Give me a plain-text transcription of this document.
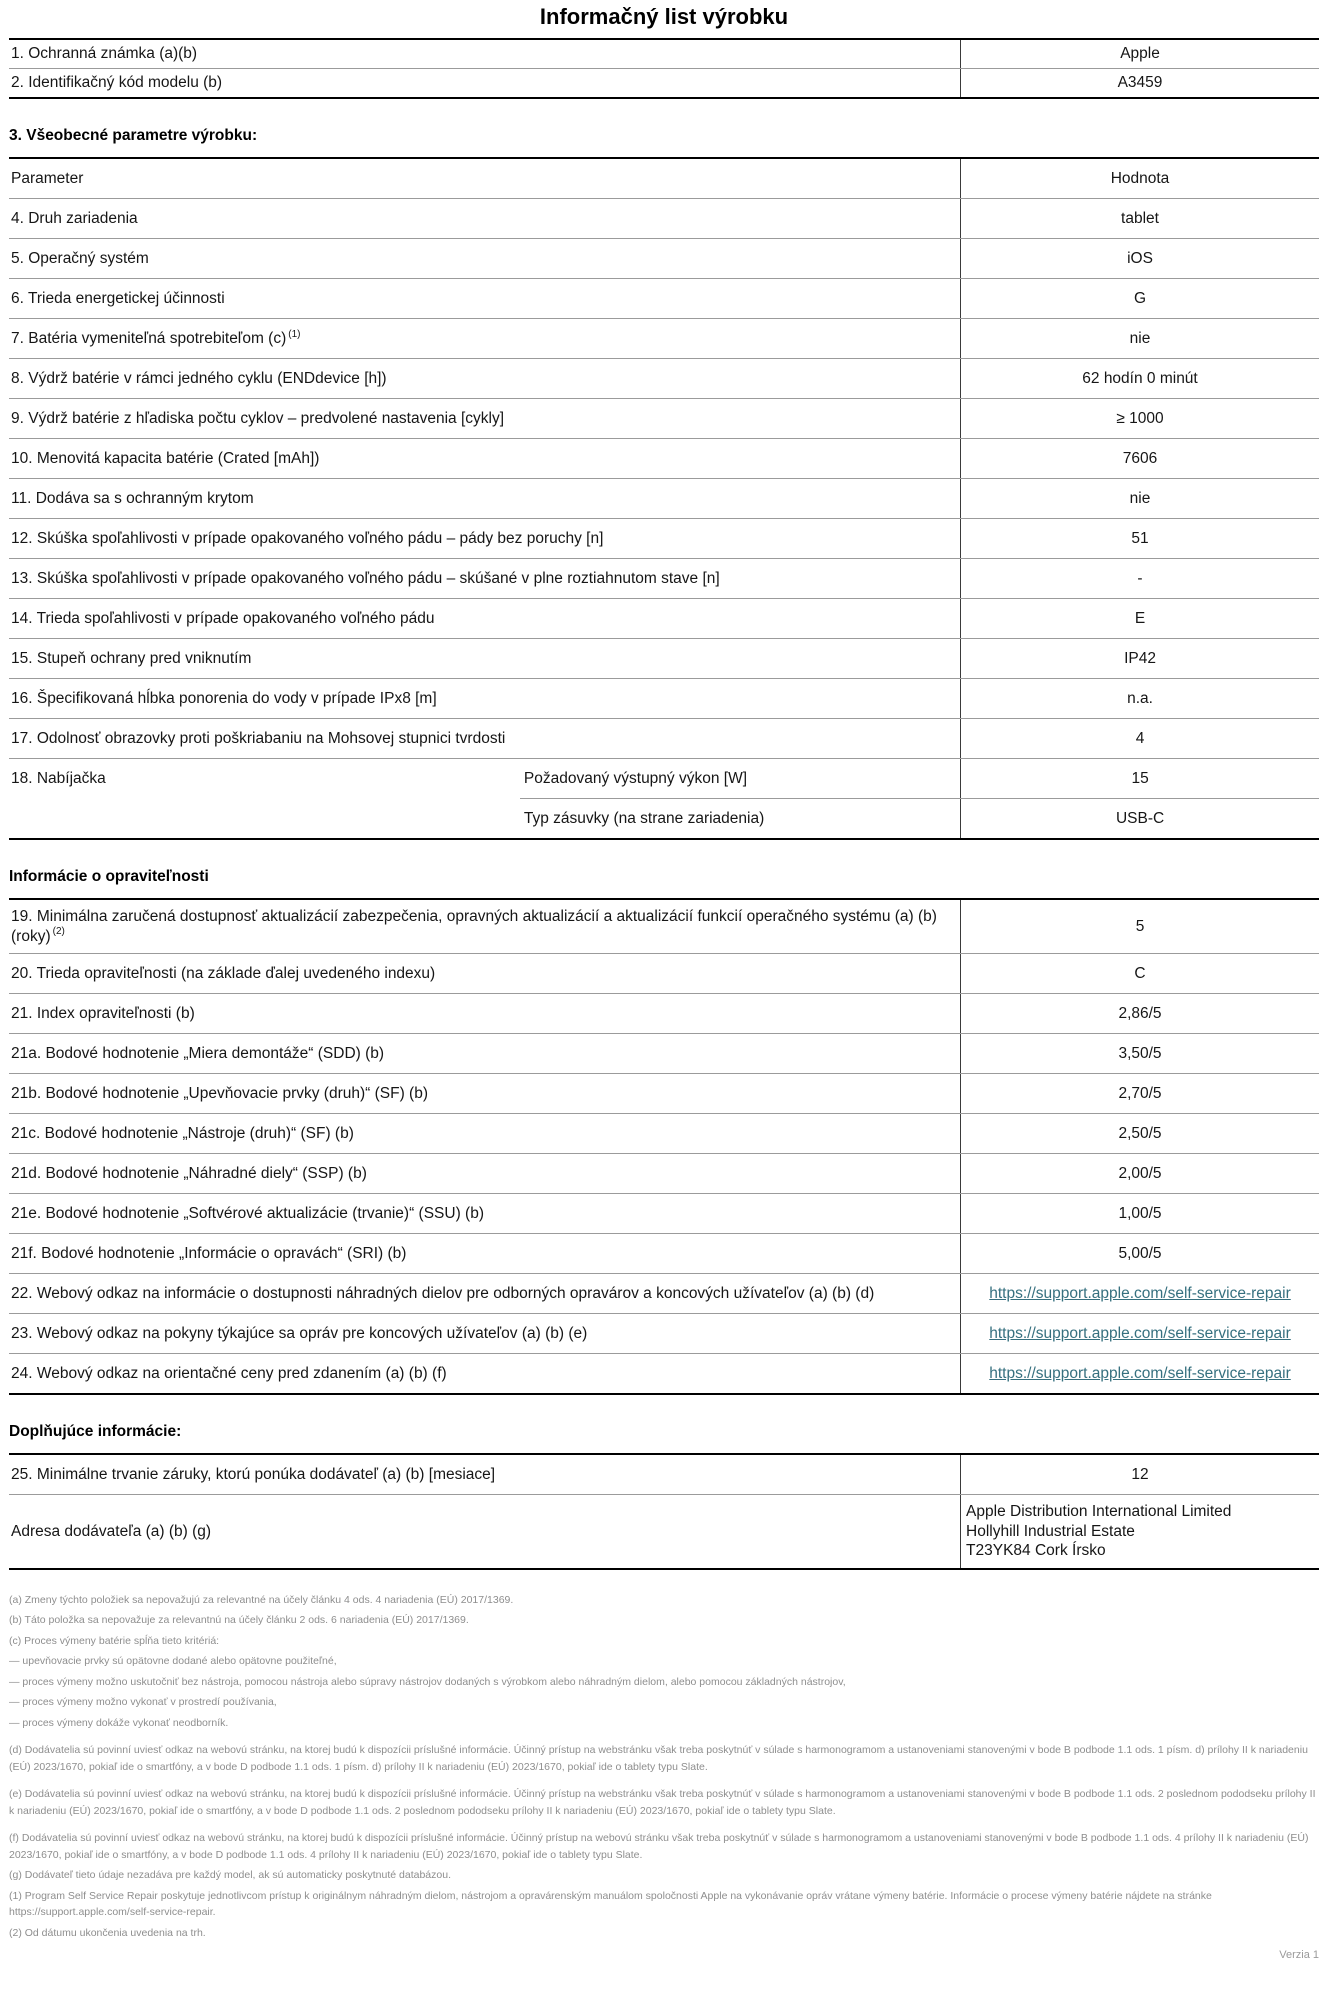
Informačný list výrobku
1. Ochranná známka (a)(b)	Apple
2. Identifikačný kód modelu (b)	A3459
3. Všeobecné parametre výrobku:
Parameter	Hodnota
4. Druh zariadenia	tablet
5. Operačný systém	iOS
6. Trieda energetickej účinnosti	G
7. Batéria vymeniteľná spotrebiteľom (c) $^{(1)}$	nie
8. Výdrž batérie v rámci jedného cyklu (ENDdevice [h])	62 hodín 0 minút
9. Výdrž batérie z hľadiska počtu cyklov – predvolené nastavenia [cykly]	≥ 1000
10. Menovitá kapacita batérie (Crated [mAh])	7606
11. Dodáva sa s ochranným krytom	nie
12. Skúška spoľahlivosti v prípade opakovaného voľného pádu – pády bez poruchy [n]	51
13. Skúška spoľahlivosti v prípade opakovaného voľného pádu – skúšané v plne roztiahnutom stave [n]	-
14. Trieda spoľahlivosti v prípade opakovaného voľného pádu	E
15. Stupeň ochrany pred vniknutím	IP42
16. Špecifikovaná hĺbka ponorenia do vody v prípade IPx8 [m]	n.a.
17. Odolnosť obrazovky proti poškriabaniu na Mohsovej stupnici tvrdosti	4
18. Nabíjačka	Požadovaný výstupný výkon [W]	15
Typ zásuvky (na strane zariadenia)	USB-C
Informácie o opraviteľnosti
19. Minimálna zaručená dostupnosť aktualizácií zabezpečenia, opravných aktualizácií a aktualizácií funkcií operačného systému (a) (b) (roky) $^{(2)}$	5
20. Trieda opraviteľnosti (na základe ďalej uvedeného indexu)	C
21. Index opraviteľnosti (b)	2,86/5
21a. Bodové hodnotenie „Miera demontáže“ (SDD) (b)	3,50/5
21b. Bodové hodnotenie „Upevňovacie prvky (druh)“ (SF) (b)	2,70/5
21c. Bodové hodnotenie „Nástroje (druh)“ (SF) (b)	2,50/5
21d. Bodové hodnotenie „Náhradné diely“ (SSP) (b)	2,00/5
21e. Bodové hodnotenie „Softvérové aktualizácie (trvanie)“ (SSU) (b)	1,00/5
21f. Bodové hodnotenie „Informácie o opravách“ (SRI) (b)	5,00/5
22. Webový odkaz na informácie o dostupnosti náhradných dielov pre odborných opravárov a koncových užívateľov (a) (b) (d)	https://support.apple.com/self-service-repair
23. Webový odkaz na pokyny týkajúce sa opráv pre koncových užívateľov (a) (b) (e)	https://support.apple.com/self-service-repair
24. Webový odkaz na orientačné ceny pred zdanením (a) (b) (f)	https://support.apple.com/self-service-repair
Doplňujúce informácie:
25. Minimálne trvanie záruky, ktorú ponúka dodávateľ (a) (b) [mesiace]	12
Adresa dodávateľa (a) (b) (g)
Apple Distribution International Limited
Hollyhill Industrial Estate
T23YK84 Cork Írsko

(a) Zmeny týchto položiek sa nepovažujú za relevantné na účely článku 4 ods. 4 nariadenia (EÚ) 2017/1369.

(b) Táto položka sa nepovažuje za relevantnú na účely článku 2 ods. 6 nariadenia (EÚ) 2017/1369.

(c) Proces výmeny batérie spĺňa tieto kritériá:

— upevňovacie prvky sú opätovne dodané alebo opätovne použiteľné,

— proces výmeny možno uskutočniť bez nástroja, pomocou nástroja alebo súpravy nástrojov dodaných s výrobkom alebo náhradným dielom, alebo pomocou základných nástrojov,

— proces výmeny možno vykonať v prostredí používania,

— proces výmeny dokáže vykonať neodborník.

(d) Dodávatelia sú povinní uviesť odkaz na webovú stránku, na ktorej budú k dispozícii príslušné informácie. Účinný prístup na webstránku však treba poskytnúť v súlade s harmonogramom a ustanoveniami stanovenými v bode B podbode 1.1 ods. 1 písm. d) prílohy II k nariadeniu (EÚ) 2023/1670, pokiaľ ide o smartfóny, a v bode D podbode 1.1 ods. 1 písm. d) prílohy II k nariadeniu (EÚ) 2023/1670, pokiaľ ide o tablety typu Slate.

(e) Dodávatelia sú povinní uviesť odkaz na webovú stránku, na ktorej budú k dispozícii príslušné informácie. Účinný prístup na webstránku však treba poskytnúť v súlade s harmonogramom a ustanoveniami stanovenými v bode B podbode 1.1 ods. 2 poslednom pododseku prílohy II k nariadeniu (EÚ) 2023/1670, pokiaľ ide o smartfóny, a v bode D podbode 1.1 ods. 2 poslednom pododseku prílohy II k nariadeniu (EÚ) 2023/1670, pokiaľ ide o tablety typu Slate.

(f) Dodávatelia sú povinní uviesť odkaz na webovú stránku, na ktorej budú k dispozícii príslušné informácie. Účinný prístup na webovú stránku však treba poskytnúť v súlade s harmonogramom a ustanoveniami stanovenými v bode B podbode 1.1 ods. 4 prílohy II k nariadeniu (EÚ) 2023/1670, pokiaľ ide o smartfóny, a v bode D podbode 1.1 ods. 4 prílohy II k nariadeniu (EÚ) 2023/1670, pokiaľ ide o tablety typu Slate.

(g) Dodávateľ tieto údaje nezadáva pre každý model, ak sú automaticky poskytnuté databázou.

(1) Program Self Service Repair poskytuje jednotlivcom prístup k originálnym náhradným dielom, nástrojom a opravárenským manuálom spoločnosti Apple na vykonávanie opráv vrátane výmeny batérie. Informácie o procese výmeny batérie nájdete na stránke https://support.apple.com/self-service-repair.

(2) Od dátumu ukončenia uvedenia na trh.

Verzia 1
